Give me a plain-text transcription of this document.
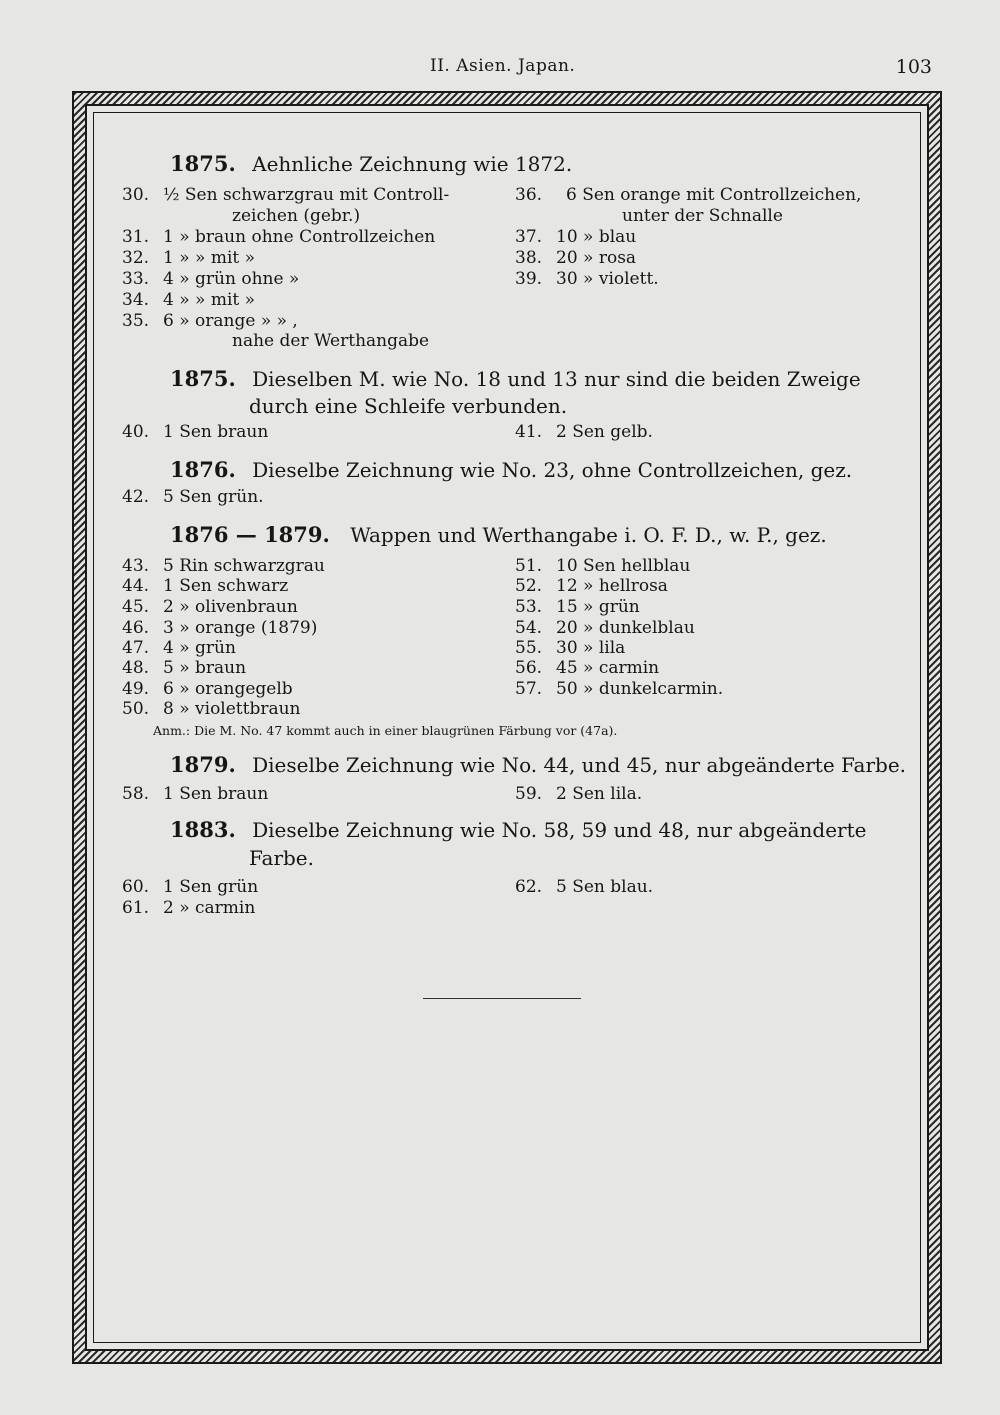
II. Asien. Japan.	103
1875. Aehnliche Zeichnung wie 1872.
30. ½ Sen schwarzgrau mit Controll-
zeichen (gebr.)
31. 1 » braun ohne Controllzeichen
32. 1 » » mit »
33. 4 » grün ohne »
34. 4 » » mit »
35. 6 » orange » » ,
nahe der Werthangabe
36. 6 Sen orange mit Controllzeichen,
unter der Schnalle
37. 10 » blau
38. 20 » rosa
39. 30 » violett.
1875. Dieselben M. wie No. 18 und 13 nur sind die beiden Zweige
durch eine Schleife verbunden.
40. 1 Sen braun	41. 2 Sen gelb.
1876. Dieselbe Zeichnung wie No. 23, ohne Controllzeichen, gez.
42. 5 Sen grün.
1876 — 1879. Wappen und Werthangabe i. O. F. D., w. P., gez.
43. 5 Rin schwarzgrau
44. 1 Sen schwarz
45. 2 » olivenbraun
46. 3 » orange (1879)
47. 4 » grün
48. 5 » braun
49. 6 » orangegelb
50. 8 » violettbraun
51. 10 Sen hellblau
52. 12 » hellrosa
53. 15 » grün
54. 20 » dunkelblau
55. 30 » lila
56. 45 » carmin
57. 50 » dunkelcarmin.
Anm.: Die M. No. 47 kommt auch in einer blaugrünen Färbung vor (47a).
1879. Dieselbe Zeichnung wie No. 44, und 45, nur abgeänderte Farbe.
58. 1 Sen braun	59. 2 Sen lila.
1883. Dieselbe Zeichnung wie No. 58, 59 und 48, nur abgeänderte
Farbe.
60. 1 Sen grün
61. 2 » carmin
62. 5 Sen blau.
